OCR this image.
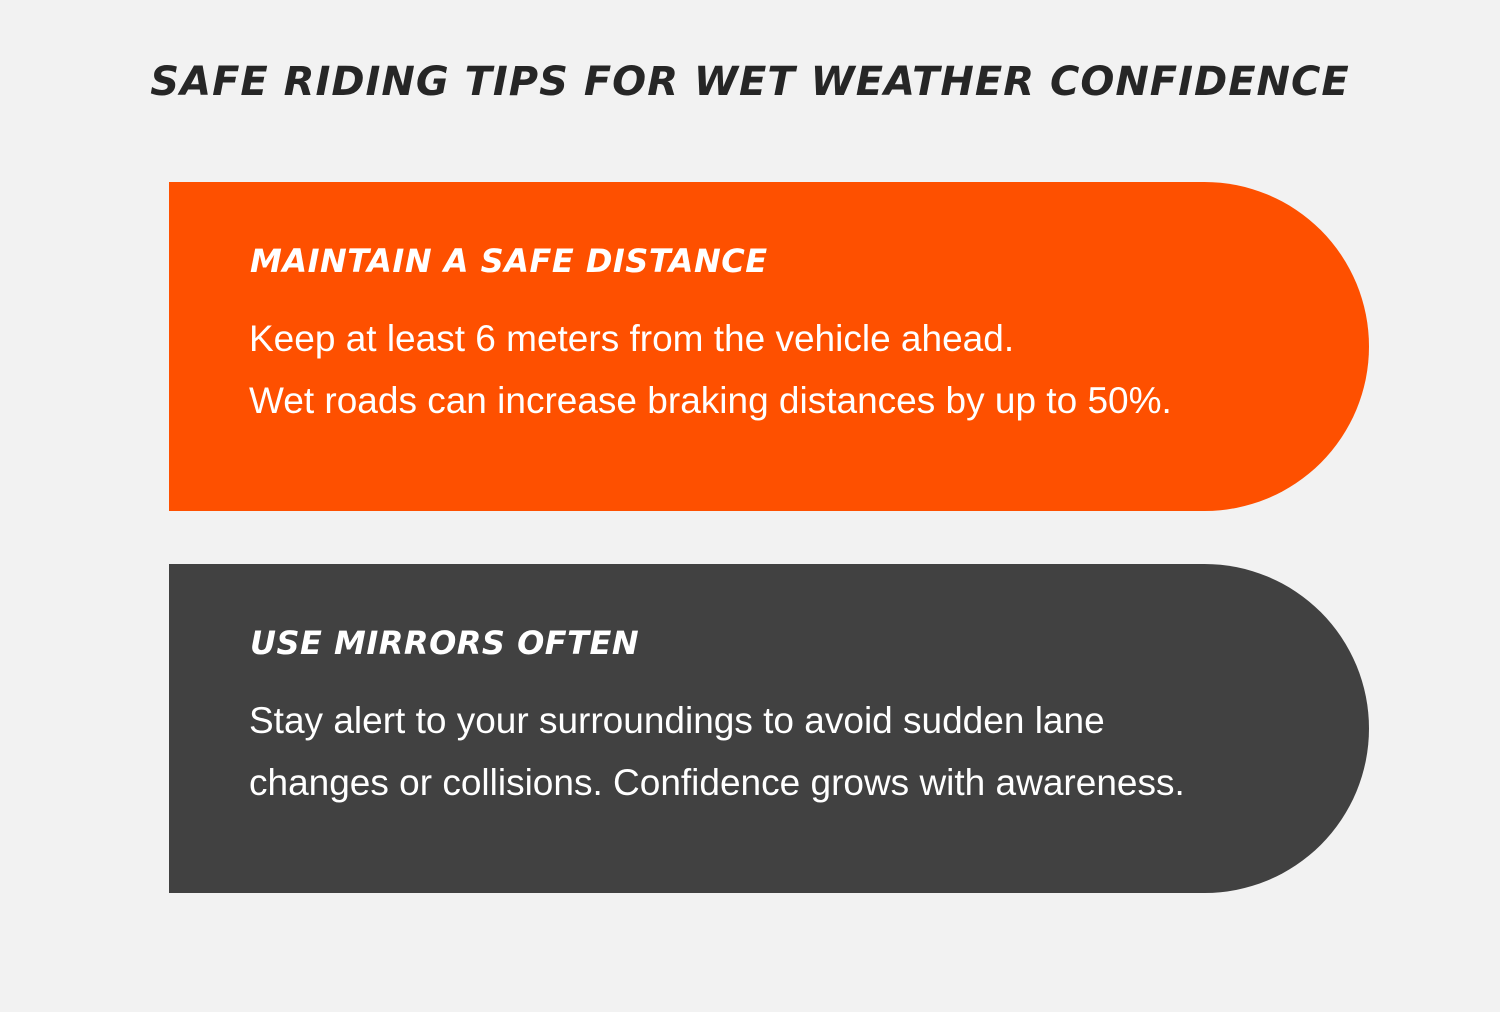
SAFE RIDING TIPS FOR WET WEATHER CONFIDENCE
MAINTAIN A SAFE DISTANCE
Keep at least 6 meters from the vehicle ahead.
Wet roads can increase braking distances by up to 50%.
USE MIRRORS OFTEN
Stay alert to your surroundings to avoid sudden lane
changes or collisions. Confidence grows with awareness.
